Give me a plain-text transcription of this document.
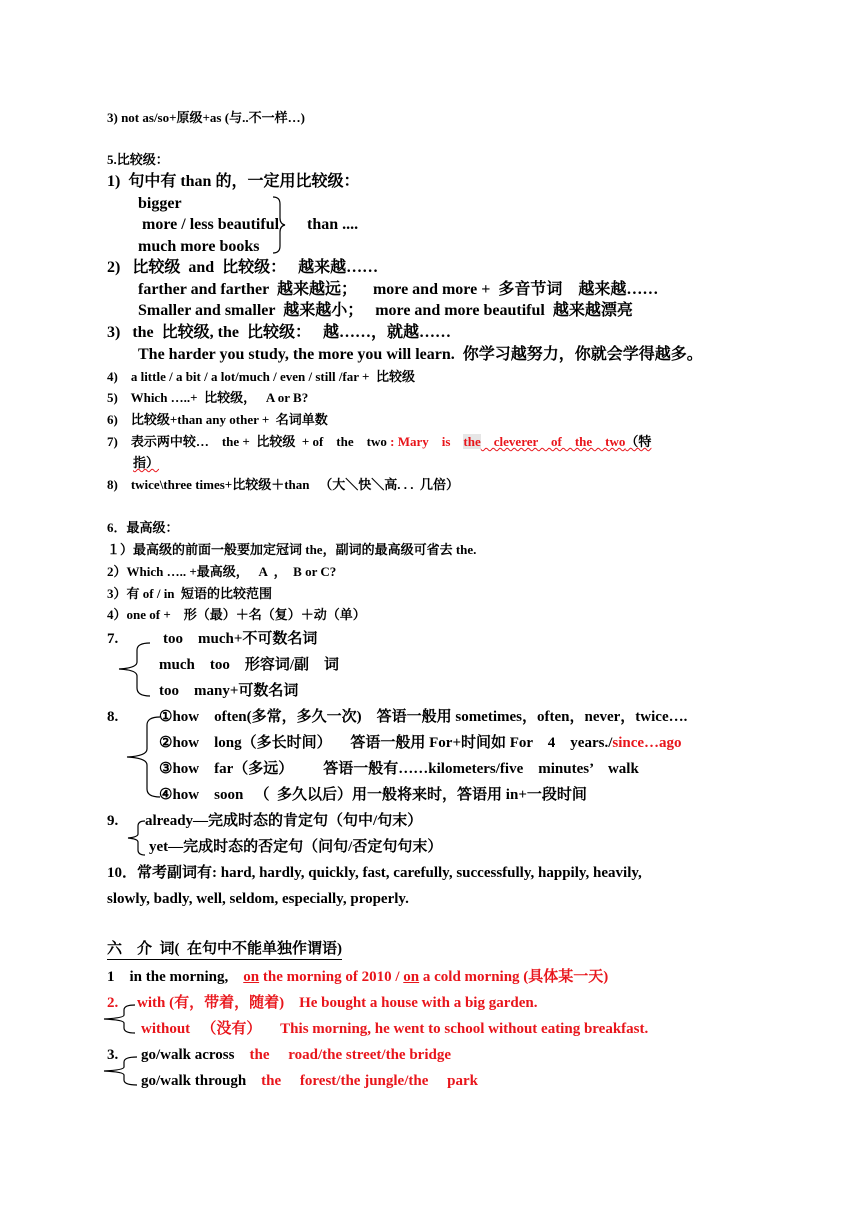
3) not as/so+原级+as (与..不一样…)
5.比较级：
1)  句中有 than 的，一定用比较级：
bigger
more / less beautiful than ....
much more books
2)   比较级  and  比较级：   越来越……
farther and farther  越来越远；    more and more +  多音节词    越来越……
Smaller and smaller  越来越小；   more and more beautiful  越来越漂亮
3)   the  比较级, the  比较级：   越……，就越……
The harder you study, the more you will learn.  你学习越努力，你就会学得越多。
4)    a little / a bit / a lot/much / even / still /far +  比较级
5)    Which …..+  比较级，   A or B?
6)    比较级+than any other +  名词单数
7)    表示两中较…    the +  比较级  + of    the    two : Mary    is    the    cleverer    of    the    two（特
指）
8)    twice\three times+比较级＋than   （大＼快＼高. . .  几倍）
6．最高级：
１）最高级的前面一般要加定冠词 the，副词的最高级可省去 the.
2）Which ….. +最高级，   A  ，  B or C?
3）有 of / in  短语的比较范围
4）one of +    形（最）＋名（复）＋动（单）
7.	too    much+不可数名词
much    too    形容词/副    词
too    many+可数名词
8.	①how    often(多常，多久一次)    答语一般用 sometimes，often，never，twice….
②how    long（多长时间）     答语一般用 For+时间如 For    4    years./since…ago
③how    far（多远）        答语一般有……kilometers/five    minutes’    walk
④how    soon   （  多久以后）用一般将来时，答语用 in+一段时间
9. already—完成时态的肯定句（句中/句末）
yet—完成时态的否定句（问句/否定句句末）
10．常考副词有: hard, hardly, quickly, fast, carefully, successfully, happily, heavily,
slowly, badly, well, seldom, especially, properly.
六    介  词(  在句中不能单独作谓语)
1    in the morning,    on the morning of 2010 / on a cold morning (具体某一天)
2. with (有，带着，随着)    He bought a house with a big garden.
without   （没有）     This morning, he went to school without eating breakfast.
3. go/walk across    the     road/the street/the bridge
go/walk through    the     forest/the jungle/the     park
